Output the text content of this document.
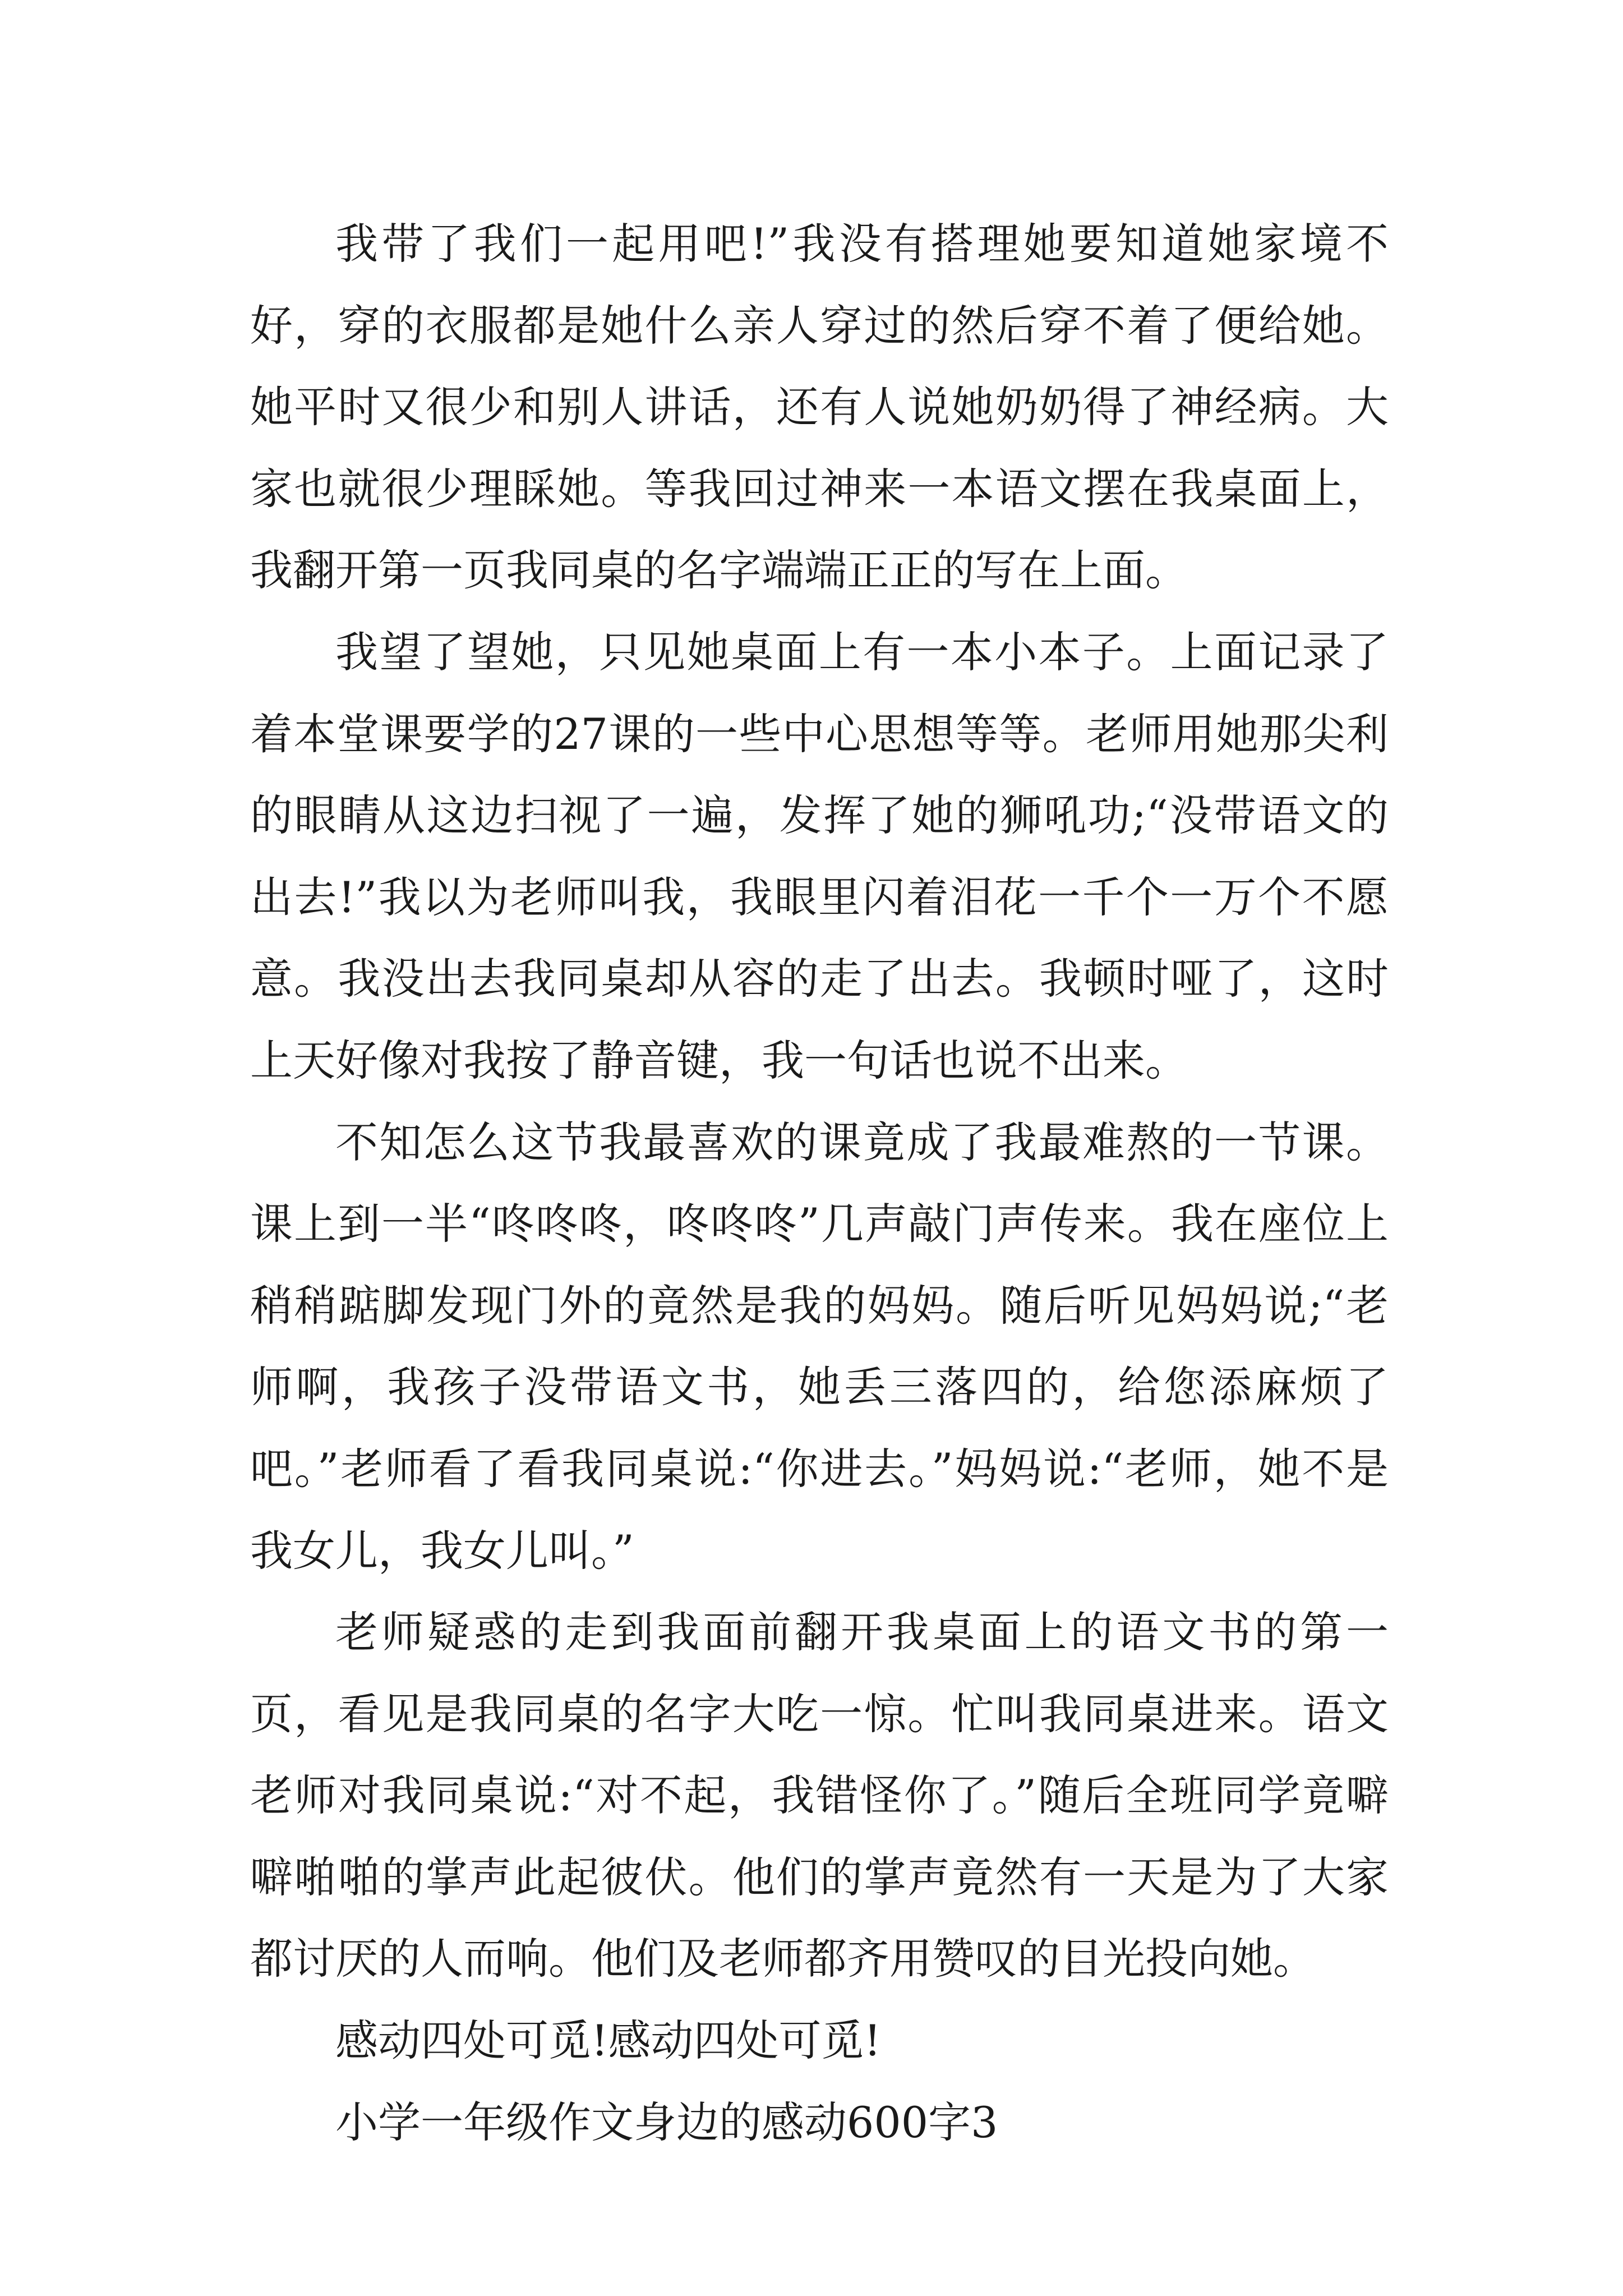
我带了我们一起用吧!”我没有搭理她要知道她家境不好，穿的衣服都是她什么亲人穿过的然后穿不着了便给她。她平时又很少和别人讲话，还有人说她奶奶得了神经病。大家也就很少理睬她。等我回过神来一本语文摆在我桌面上，我翻开第一页我同桌的名字端端正正的写在上面。

我望了望她，只见她桌面上有一本小本子。上面记录了着本堂课要学的27课的一些中心思想等等。老师用她那尖利的眼睛从这边扫视了一遍，发挥了她的狮吼功;“没带语文的出去!”我以为老师叫我，我眼里闪着泪花一千个一万个不愿意。我没出去我同桌却从容的走了出去。我顿时哑了，这时上天好像对我按了静音键，我一句话也说不出来。

不知怎么这节我最喜欢的课竟成了我最难熬的一节课。课上到一半“咚咚咚，咚咚咚”几声敲门声传来。我在座位上稍稍踮脚发现门外的竟然是我的妈妈。随后听见妈妈说;“老师啊，我孩子没带语文书，她丢三落四的，给您添麻烦了吧。”老师看了看我同桌说:“你进去。”妈妈说:“老师，她不是我女儿，我女儿叫。”

老师疑惑的走到我面前翻开我桌面上的语文书的第一页，看见是我同桌的名字大吃一惊。忙叫我同桌进来。语文老师对我同桌说:“对不起，我错怪你了。”随后全班同学竟噼噼啪啪的掌声此起彼伏。他们的掌声竟然有一天是为了大家都讨厌的人而响。他们及老师都齐用赞叹的目光投向她。

感动四处可觅!感动四处可觅!

小学一年级作文身边的感动600字3
